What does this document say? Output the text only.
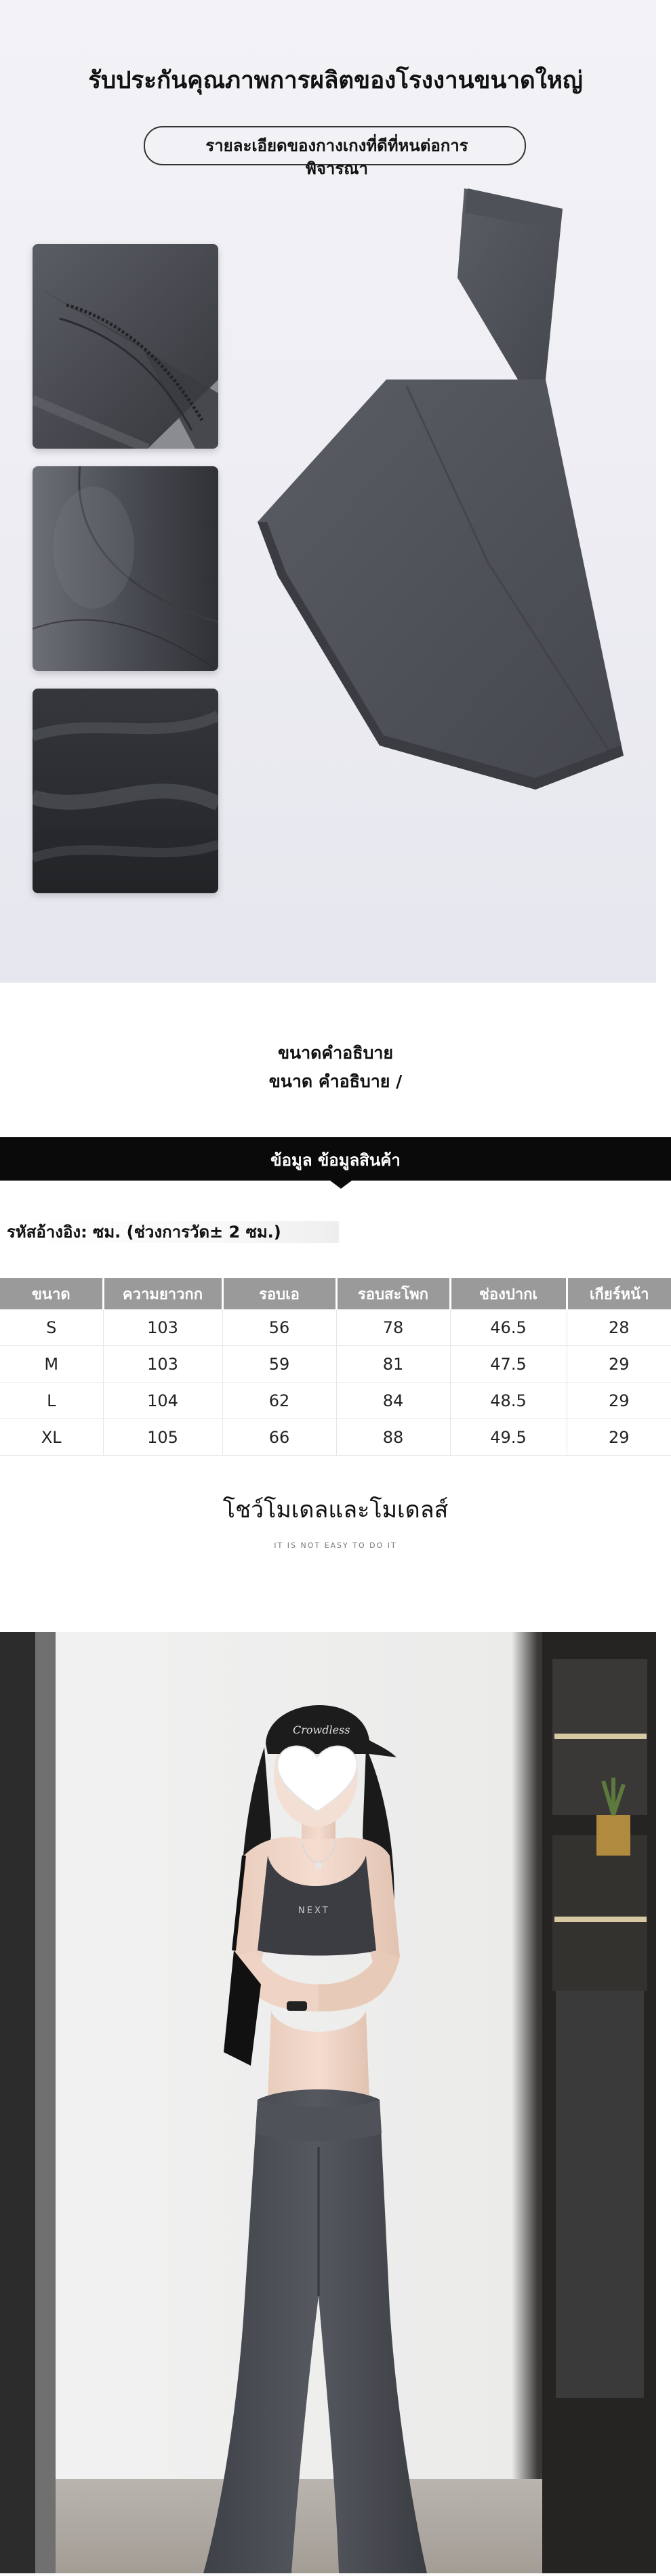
รับประกันคุณภาพการผลิตของโรงงานขนาดใหญ่
รายละเอียดของกางเกงที่ดีที่หนต่อการพิจารณา
ขนาดคำอธิบาย
ขนาด คำอธิบาย /
ข้อมูล ข้อมูลสินค้า
รหัสอ้างอิง: ซม. (ช่วงการวัด± 2 ซม.)
ขนาด	ความยาวกก	รอบเอ	รอบสะโพก	ช่องปากเ	เกียร์หน้า
S	103	56	78	46.5	28
M	103	59	81	47.5	29
L	104	62	84	48.5	29
XL	105	66	88	49.5	29
โชว์โมเดลและโมเดลส์
IT IS NOT EASY TO DO IT
Crowdless
NEXT
